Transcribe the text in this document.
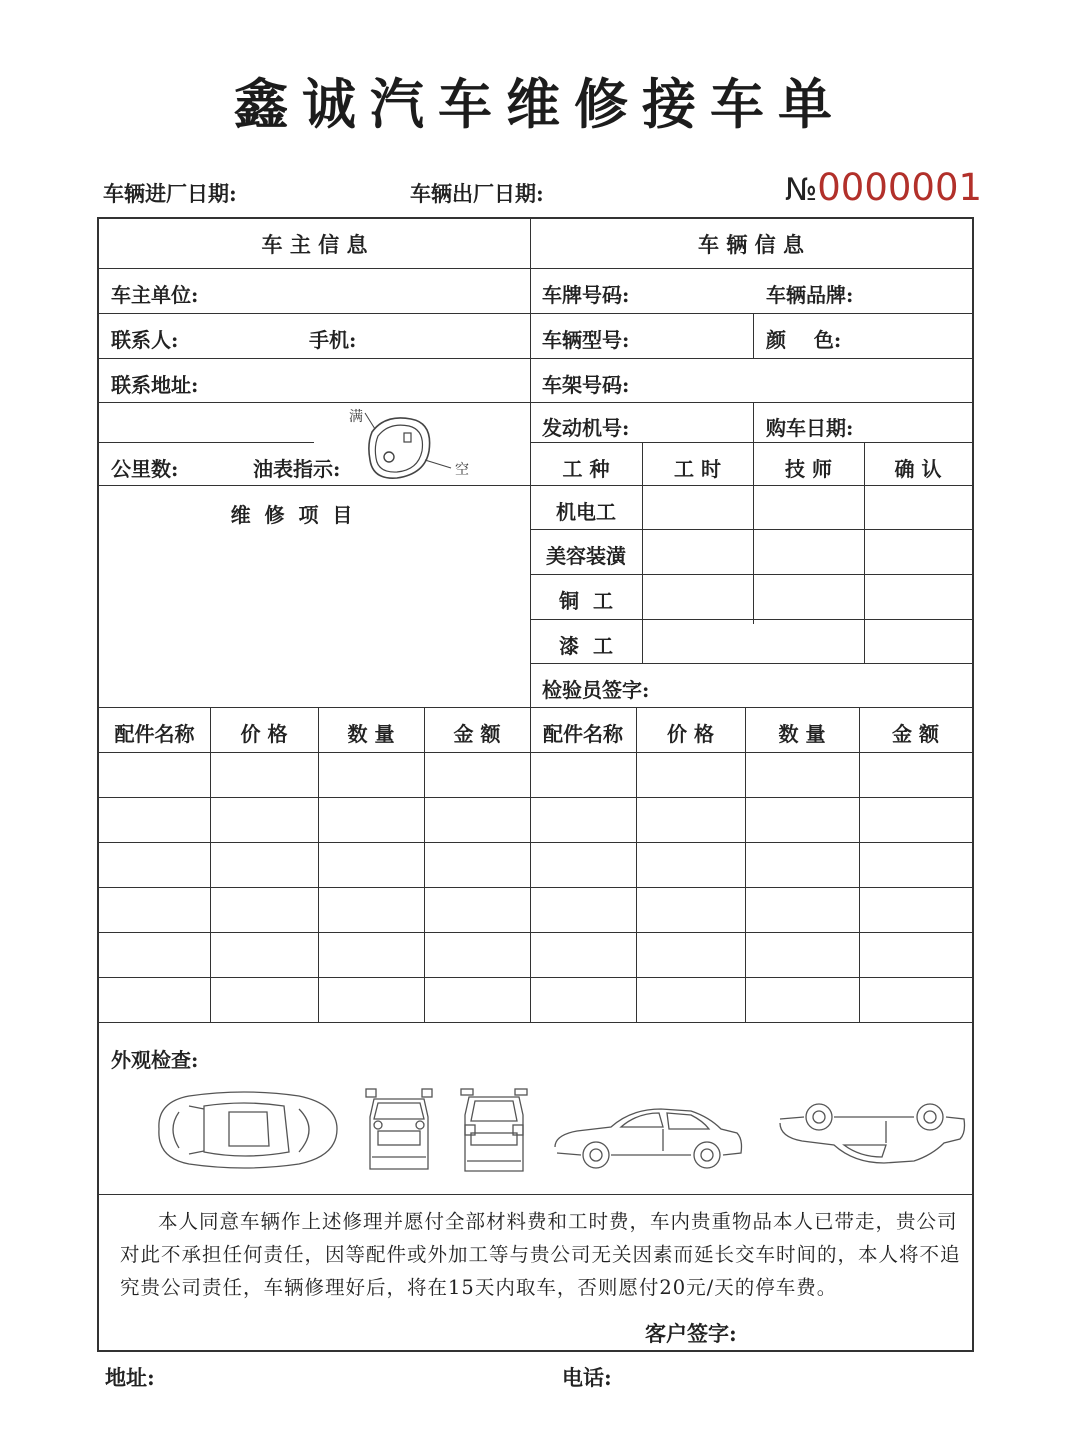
鑫诚汽车维修接车单
车辆进厂日期:	车辆出厂日期:	№0000001
车 主 信 息	车 辆 信 息
车主单位:
联系人:	手机:
联系地址:
公里数:	油表指示:
满
空
车牌号码:	车辆品牌:
车辆型号:	颜    色:
车架号码:
发动机号:	购车日期:
工 种	工 时	技 师	确 认
机电工
美容装潢
铜  工
漆  工
检验员签字:
维  修  项  目
配件名称	价 格	数 量	金 额	配件名称	价 格	数 量	金 额
外观检查:
本人同意车辆作上述修理并愿付全部材料费和工时费，车内贵重物品本人已带走，贵公司对此不承担任何责任，因等配件或外加工等与贵公司无关因素而延长交车时间的，本人将不追究贵公司责任，车辆修理好后，将在15天内取车，否则愿付20元/天的停车费。
客户签字:
地址:	电话:
